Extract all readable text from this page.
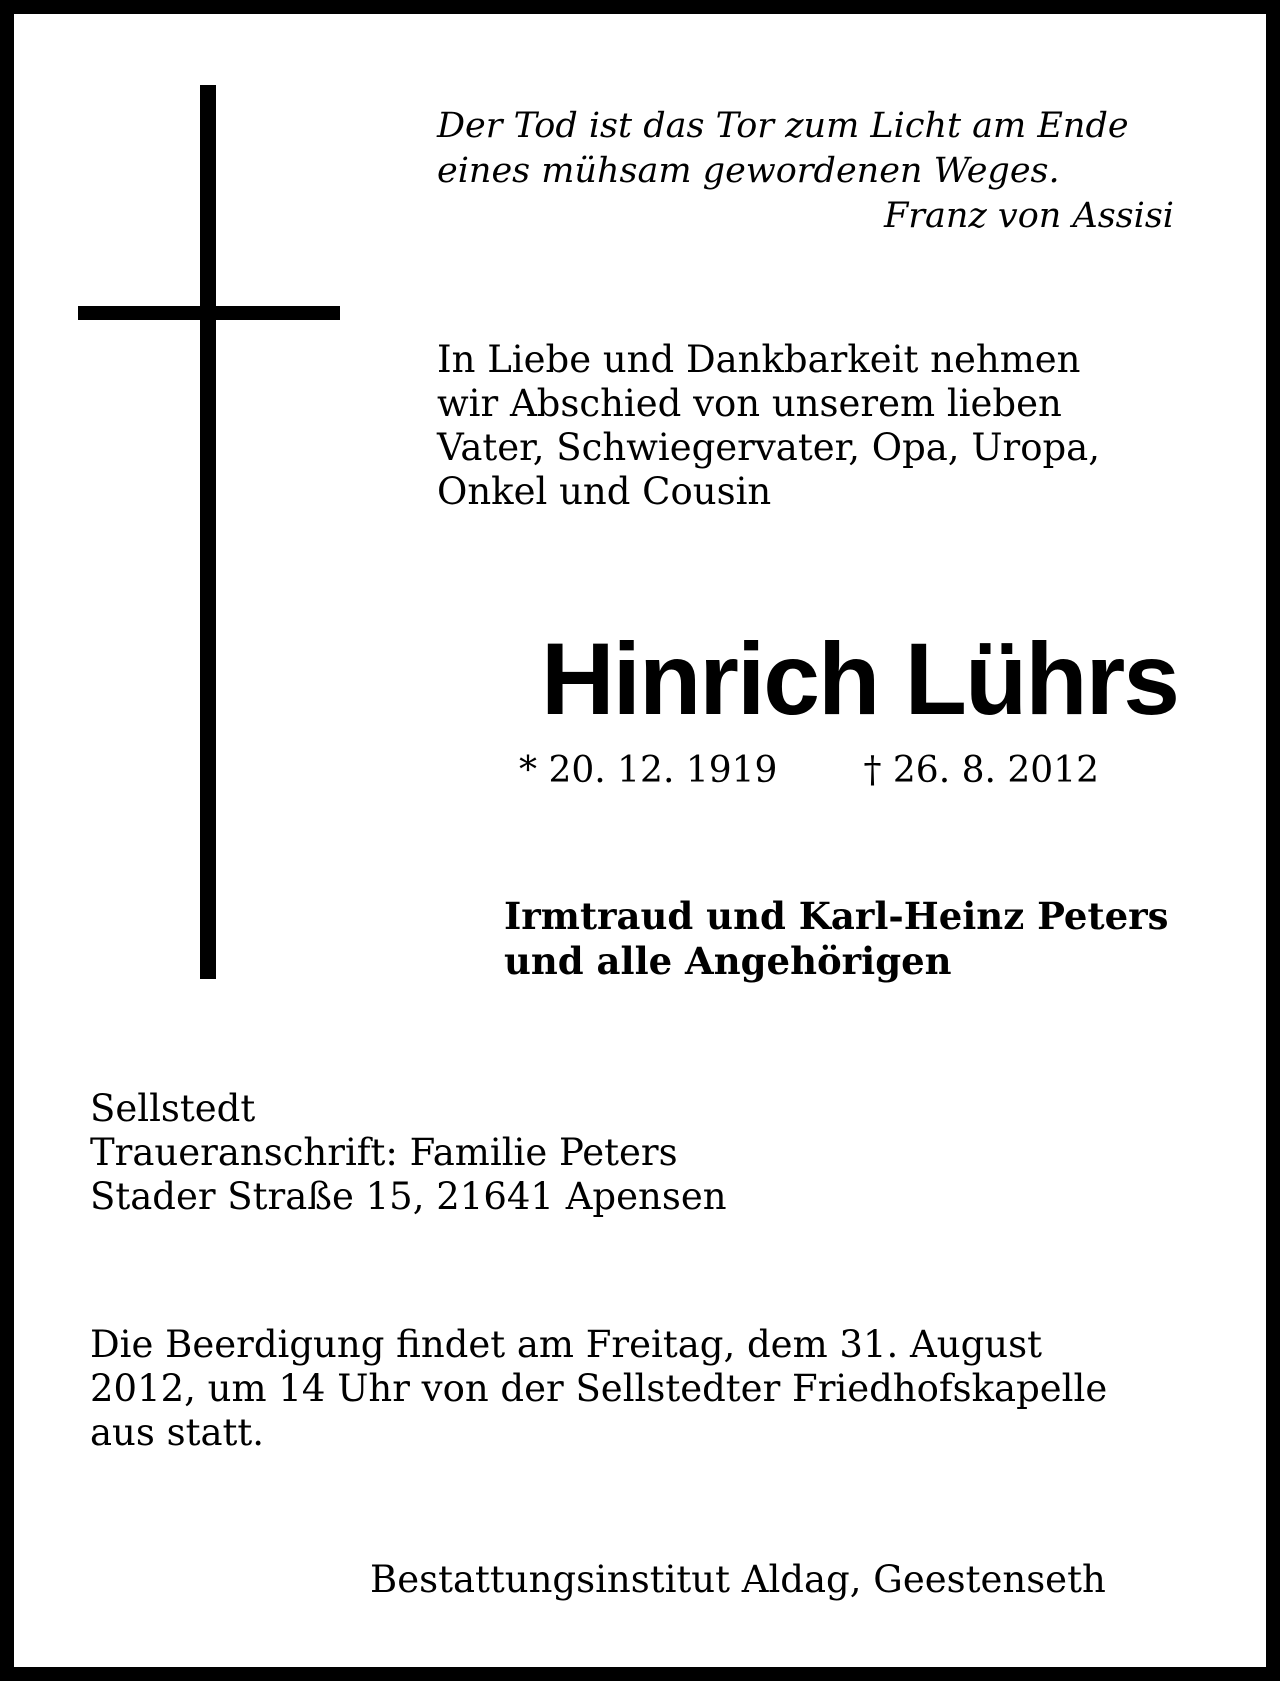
Der Tod ist das Tor zum Licht am Ende
eines mühsam gewordenen Weges.
Franz von Assisi

In Liebe und Dankbarkeit nehmen
wir Abschied von unserem lieben
Vater, Schwiegervater, Opa, Uropa,
Onkel und Cousin

Hinrich Lührs
* 20. 12. 1919 † 26. 8. 2012

Irmtraud und Karl-Heinz Peters
und alle Angehörigen

Sellstedt
Traueranschrift: Familie Peters
Stader Straße 15, 21641 Apensen

Die Beerdigung findet am Freitag, dem 31. August
2012, um 14 Uhr von der Sellstedter Friedhofskapelle
aus statt.

Bestattungsinstitut Aldag, Geestenseth
